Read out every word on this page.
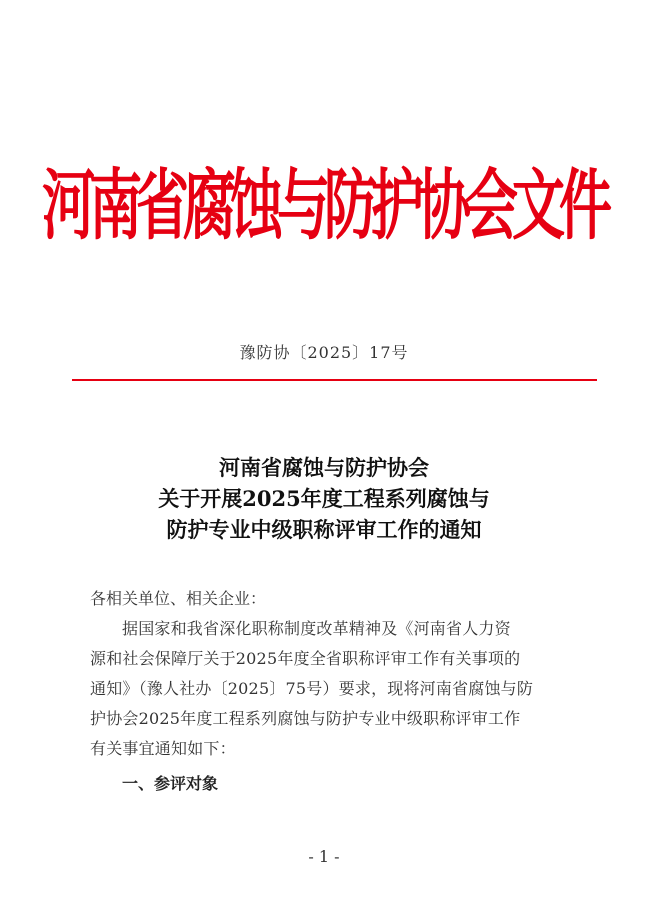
河南省腐蚀与防护协会文件
豫防协〔2025〕17号
河南省腐蚀与防护协会
关于开展2025年度工程系列腐蚀与
防护专业中级职称评审工作的通知

各相关单位、相关企业：

据国家和我省深化职称制度改革精神及《河南省人力资

源和社会保障厅关于2025年度全省职称评审工作有关事项的

通知》（豫人社办〔2025〕75号）要求，现将河南省腐蚀与防

护协会2025年度工程系列腐蚀与防护专业中级职称评审工作

有关事宜通知如下：

一、参评对象
- 1 -
